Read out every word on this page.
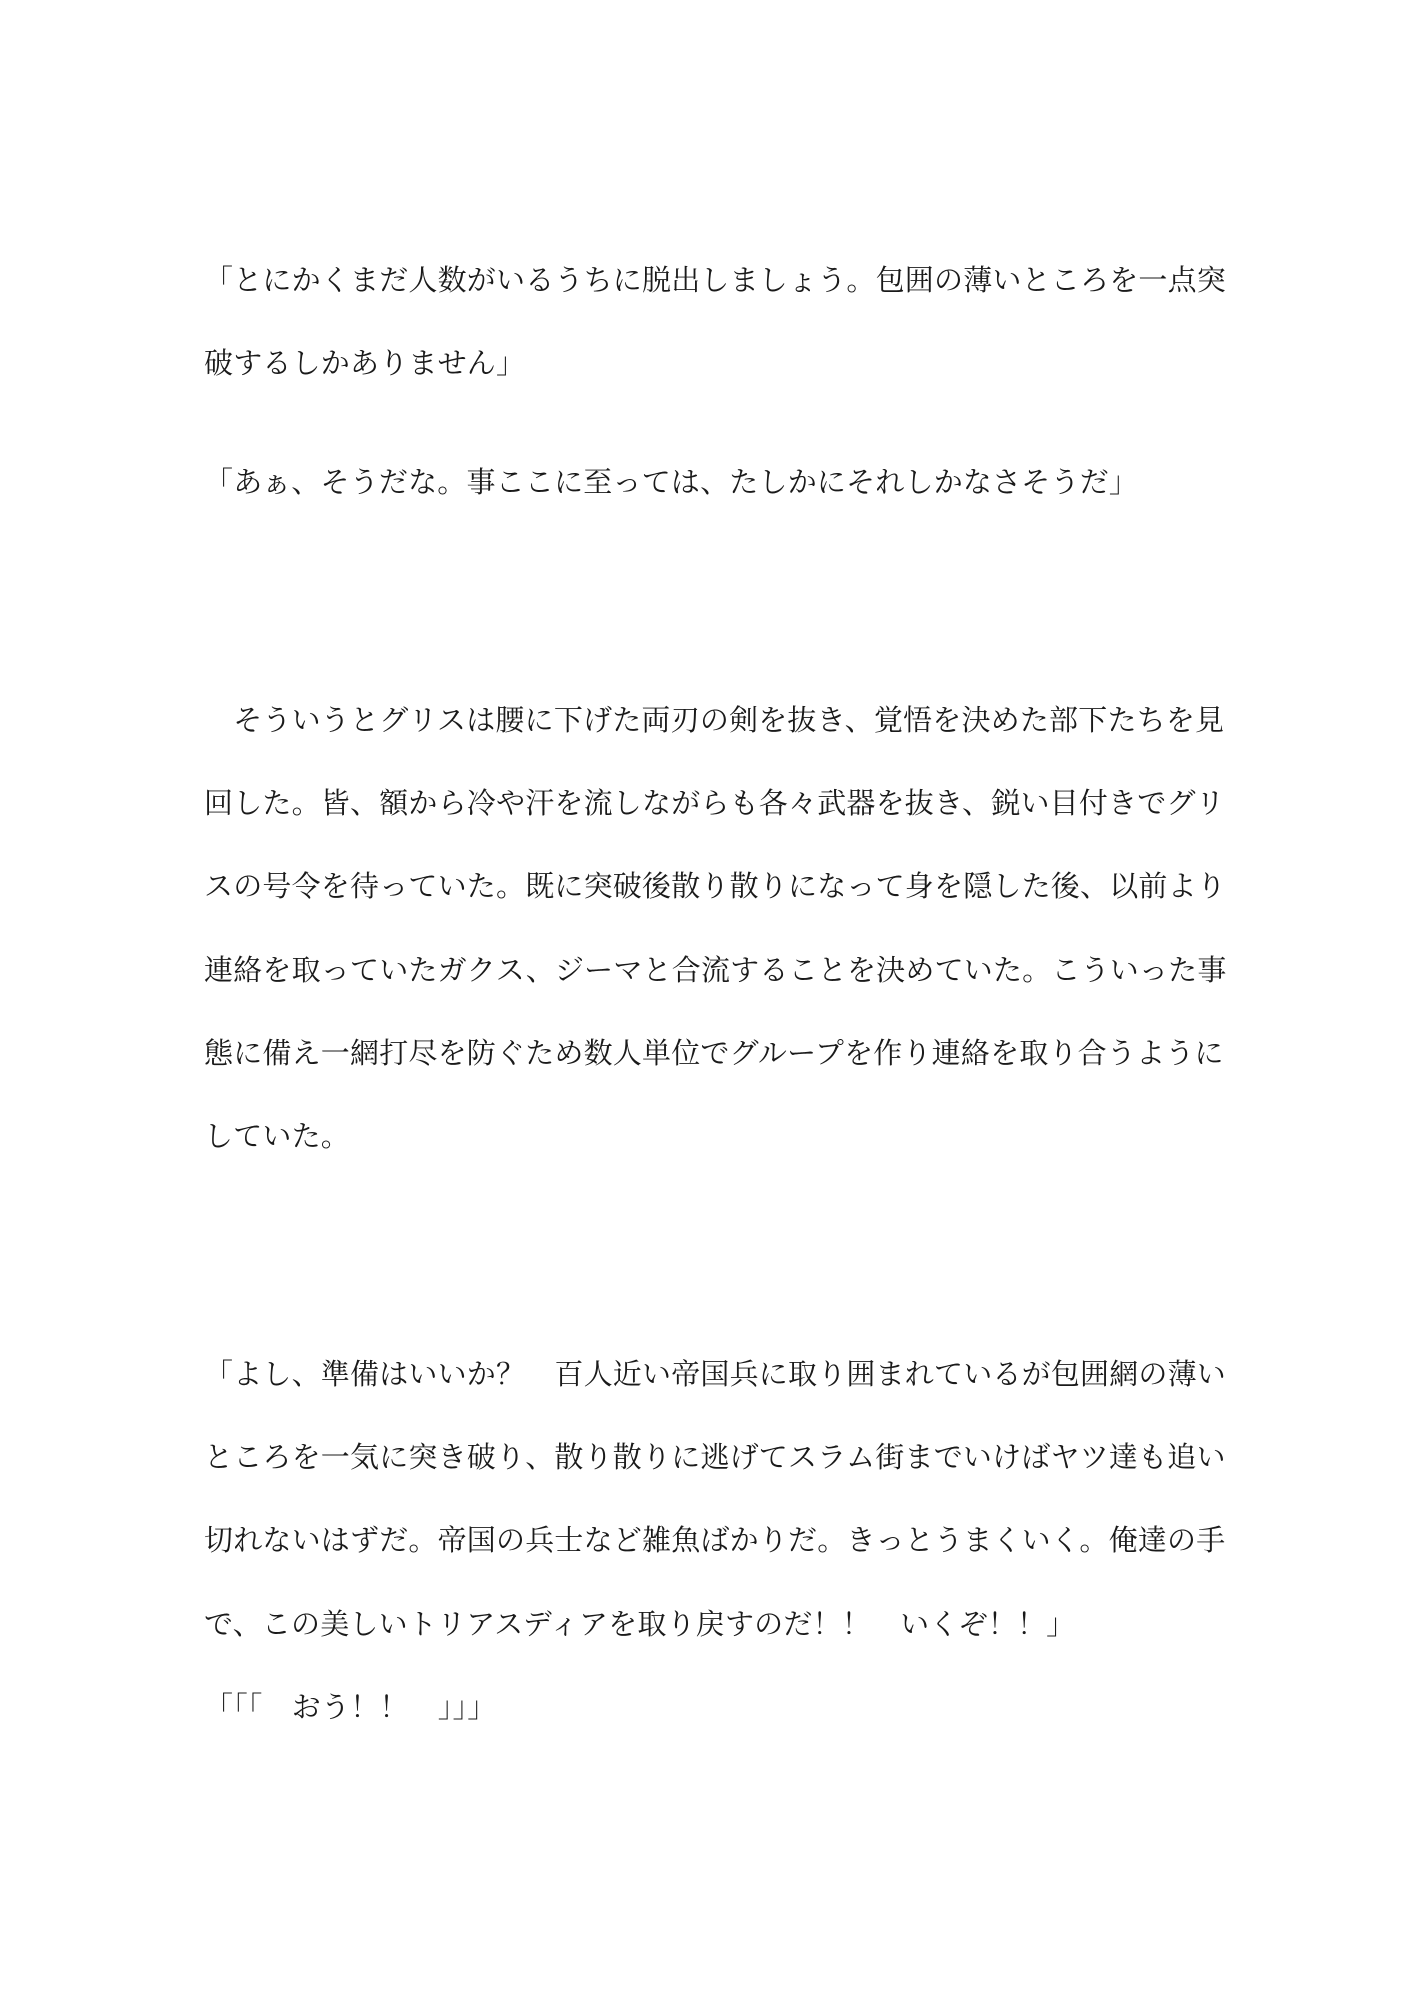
「とにかくまだ人数がいるうちに脱出しましょう。包囲の薄いところを一点突
破するしかありません」
「あぁ、そうだな。事ここに至っては、たしかにそれしかなさそうだ」
　そういうとグリスは腰に下げた両刃の剣を抜き、覚悟を決めた部下たちを見
回した。皆、額から冷や汗を流しながらも各々武器を抜き、鋭い目付きでグリ
スの号令を待っていた。既に突破後散り散りになって身を隠した後、以前より
連絡を取っていたガクス、ジーマと合流することを決めていた。こういった事
態に備え一網打尽を防ぐため数人単位でグループを作り連絡を取り合うように
していた。
「よし、準備はいいか？　百人近い帝国兵に取り囲まれているが包囲網の薄い
ところを一気に突き破り、散り散りに逃げてスラム街までいけばヤツ達も追い
切れないはずだ。帝国の兵士など雑魚ばかりだ。きっとうまくいく。俺達の手
で、この美しいトリアスディアを取り戻すのだ！！　いくぞ！！」
「「「　おう！！　」」」
